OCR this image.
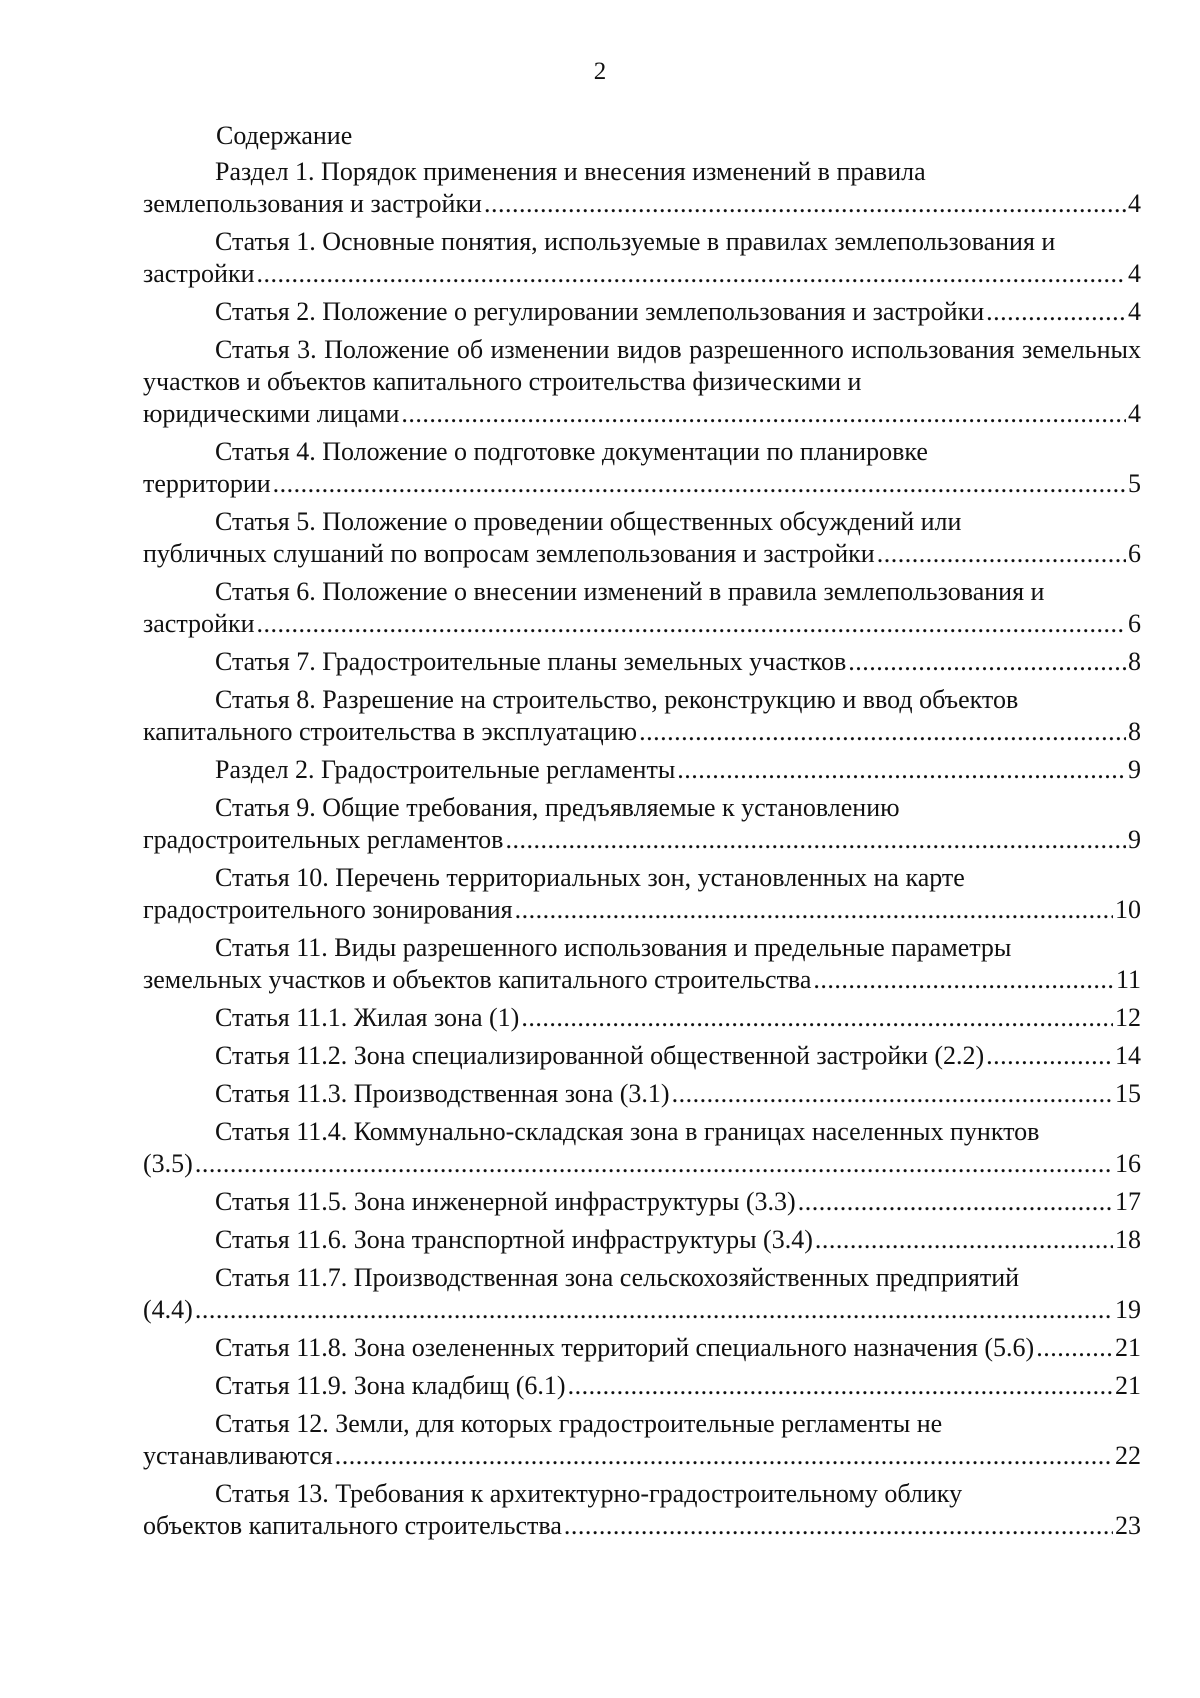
2
Содержание
Раздел 1. Порядок применения и внесения изменений в правила
землепользования и застройки . . .	4
Статья 1. Основные понятия, используемые в правилах землепользования и
застройки . . .	4
Статья 2. Положение о регулировании землепользования и застройки . . .	4
Статья 3. Положение об изменении видов разрешенного использования земельных участков и объектов капитального строительства физическими и
юридическими лицами . . .	4
Статья 4. Положение о подготовке документации по планировке
территории . . .	5
Статья 5. Положение о проведении общественных обсуждений или
публичных слушаний по вопросам землепользования и застройки . . .	6
Статья 6. Положение о внесении изменений в правила землепользования и
застройки . . .	6
Статья 7. Градостроительные планы земельных участков . . .	8
Статья 8. Разрешение на строительство, реконструкцию и ввод объектов
капитального строительства в эксплуатацию . . .	8
Раздел 2. Градостроительные регламенты . . .	9
Статья 9. Общие требования, предъявляемые к установлению
градостроительных регламентов . . .	9
Статья 10. Перечень территориальных зон, установленных на карте
градостроительного зонирования . . .	10
Статья 11. Виды разрешенного использования и предельные параметры
земельных участков и объектов капитального строительства . . .	11
Статья 11.1. Жилая зона (1) . . .	12
Статья 11.2. Зона специализированной общественной застройки (2.2) . . .	14
Статья 11.3. Производственная зона (3.1) . . .	15
Статья 11.4. Коммунально-складская зона в границах населенных пунктов
(3.5) . . .	16
Статья 11.5. Зона инженерной инфраструктуры (3.3) . . .	17
Статья 11.6. Зона транспортной инфраструктуры (3.4) . . .	18
Статья 11.7. Производственная зона сельскохозяйственных предприятий
(4.4) . . .	19
Статья 11.8. Зона озелененных территорий специального назначения (5.6) . . .	21
Статья 11.9. Зона кладбищ (6.1) . . .	21
Статья 12. Земли, для которых градостроительные регламенты не
устанавливаются . . .	22
Статья 13. Требования к архитектурно-градостроительному облику
объектов капитального строительства . . .	23
